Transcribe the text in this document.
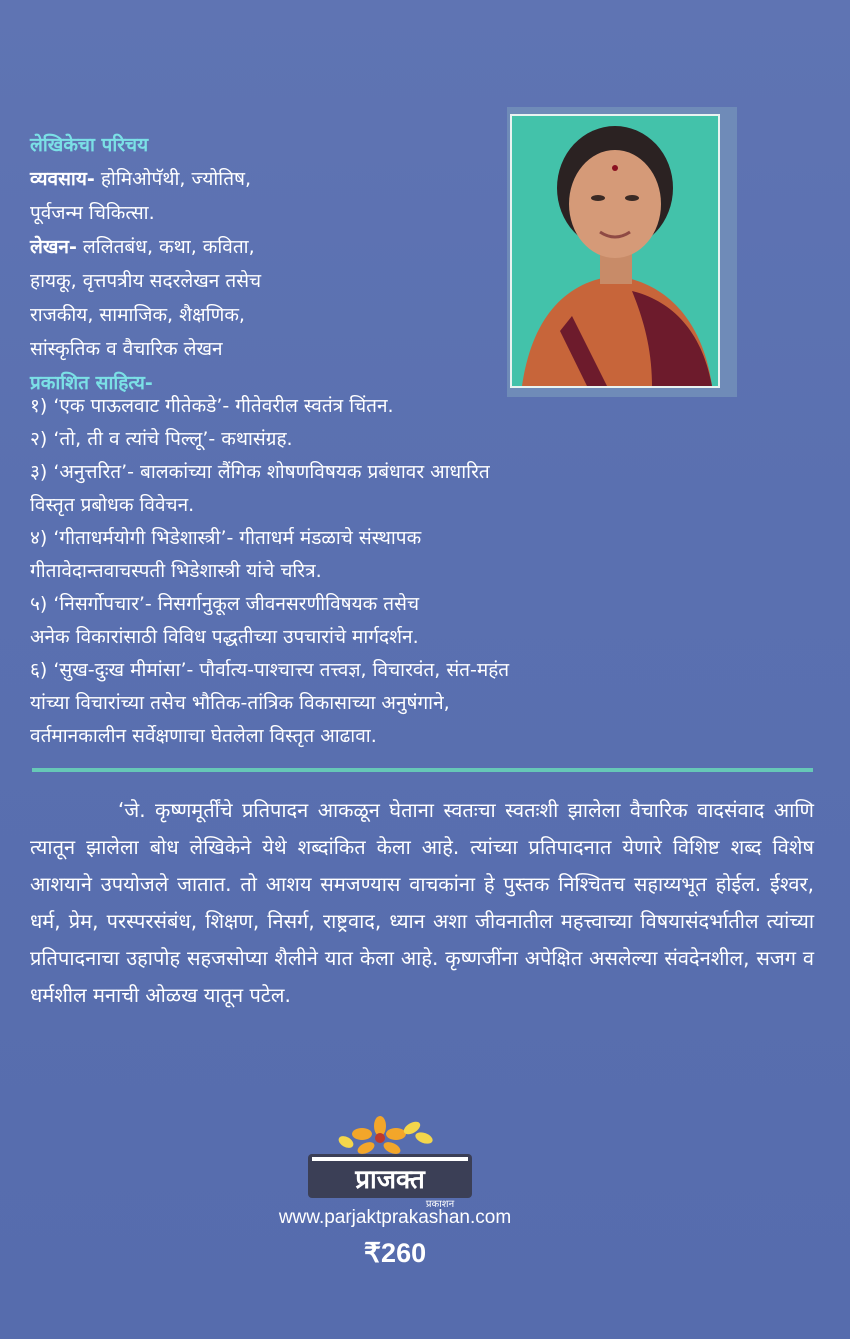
लेखिकेचा परिचय

व्यवसाय- होमिओपॅथी, ज्योतिष,

पूर्वजन्म चिकित्सा.

लेखन- ललितबंध, कथा, कविता,

हायकू, वृत्तपत्रीय सदरलेखन तसेच

राजकीय, सामाजिक, शैक्षणिक,

सांस्कृतिक व वैचारिक लेखन

प्रकाशित साहित्य-

१) ‘एक पाऊलवाट गीतेकडे’- गीतेवरील स्वतंत्र चिंतन.

२) ‘तो, ती व त्यांचे पिल्लू’- कथासंग्रह.

३) ‘अनुत्तरित’- बालकांच्या लैंगिक शोषणविषयक प्रबंधावर आधारित

विस्तृत प्रबोधक विवेचन.

४) ‘गीताधर्मयोगी भिडेशास्त्री’- गीताधर्म मंडळाचे संस्थापक

गीतावेदान्तवाचस्पती भिडेशास्त्री यांचे चरित्र.

५) ‘निसर्गोपचार’- निसर्गानुकूल जीवनसरणीविषयक तसेच

अनेक विकारांसाठी विविध पद्धतीच्या उपचारांचे मार्गदर्शन.

६) ‘सुख-दुःख मीमांसा’- पौर्वात्य-पाश्चात्त्य तत्त्वज्ञ, विचारवंत, संत-महंत

यांच्या विचारांच्या तसेच भौतिक-तांत्रिक विकासाच्या अनुषंगाने,

वर्तमानकालीन सर्वेक्षणाचा घेतलेला विस्तृत आढावा.

‘जे. कृष्णमूर्तींचे प्रतिपादन आकळून घेताना स्वतःचा स्वतःशी झालेला वैचारिक वादसंवाद आणि त्यातून झालेला बोध लेखिकेने येथे शब्दांकित केला आहे. त्यांच्या प्रतिपादनात येणारे विशिष्ट शब्द विशेष आशयाने उपयोजले जातात. तो आशय समजण्यास वाचकांना हे पुस्तक निश्चितच सहाय्यभूत होईल. ईश्वर, धर्म, प्रेम, परस्परसंबंध, शिक्षण, निसर्ग, राष्ट्रवाद, ध्यान अशा जीवनातील महत्त्वाच्या विषयासंदर्भातील त्यांच्या प्रतिपादनाचा उहापोह सहजसोप्या शैलीने यात केला आहे. कृष्णजींना अपेक्षित असलेल्या संवदेनशील, सजग व धर्मशील मनाची ओळख यातून पटेल.

प्राजक्त
प्रकाशन
www.parjaktprakashan.com
₹260
